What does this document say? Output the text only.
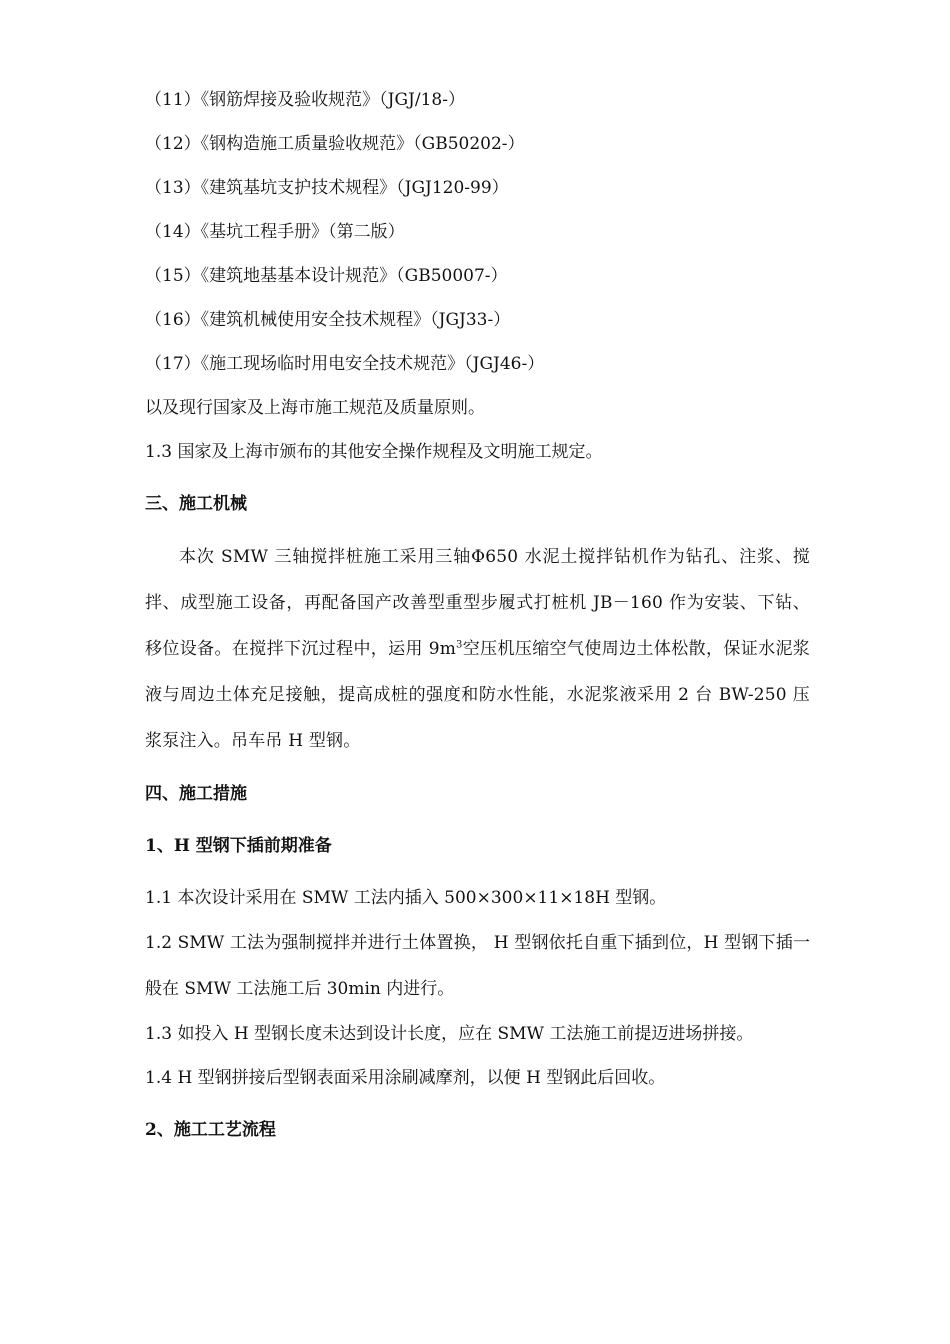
（11）《钢筋焊接及验收规范》（JGJ/18-）

（12）《钢构造施工质量验收规范》（GB50202-）

（13）《建筑基坑支护技术规程》（JGJ120-99）

（14）《基坑工程手册》（第二版）

（15）《建筑地基基本设计规范》（GB50007-）

（16）《建筑机械使用安全技术规程》（JGJ33-）

（17）《施工现场临时用电安全技术规范》（JGJ46-）

以及现行国家及上海市施工规范及质量原则。

1.3 国家及上海市颁布的其他安全操作规程及文明施工规定。

三、施工机械

本次 SMW 三轴搅拌桩施工采用三轴Φ650 水泥土搅拌钻机作为钻孔、注浆、搅拌、成型施工设备，再配备国产改善型重型步履式打桩机 JB－160 作为安装、下钻、移位设备。在搅拌下沉过程中，运用 $9m^3$空压机压缩空气使周边土体松散，保证水泥浆液与周边土体充足接触，提高成桩的强度和防水性能，水泥浆液采用 2 台 BW-250 压浆泵注入。吊车吊 H 型钢。

四、施工措施

1、H 型钢下插前期准备

1.1 本次设计采用在 SMW 工法内插入 500×300×11×18H 型钢。

1.2 SMW 工法为强制搅拌并进行土体置换， H 型钢依托自重下插到位，H 型钢下插一般在 SMW 工法施工后 30min 内进行。

1.3 如投入 H 型钢长度未达到设计长度，应在 SMW 工法施工前提迈进场拼接。

1.4 H 型钢拼接后型钢表面采用涂刷减摩剂，以便 H 型钢此后回收。

2、施工工艺流程
